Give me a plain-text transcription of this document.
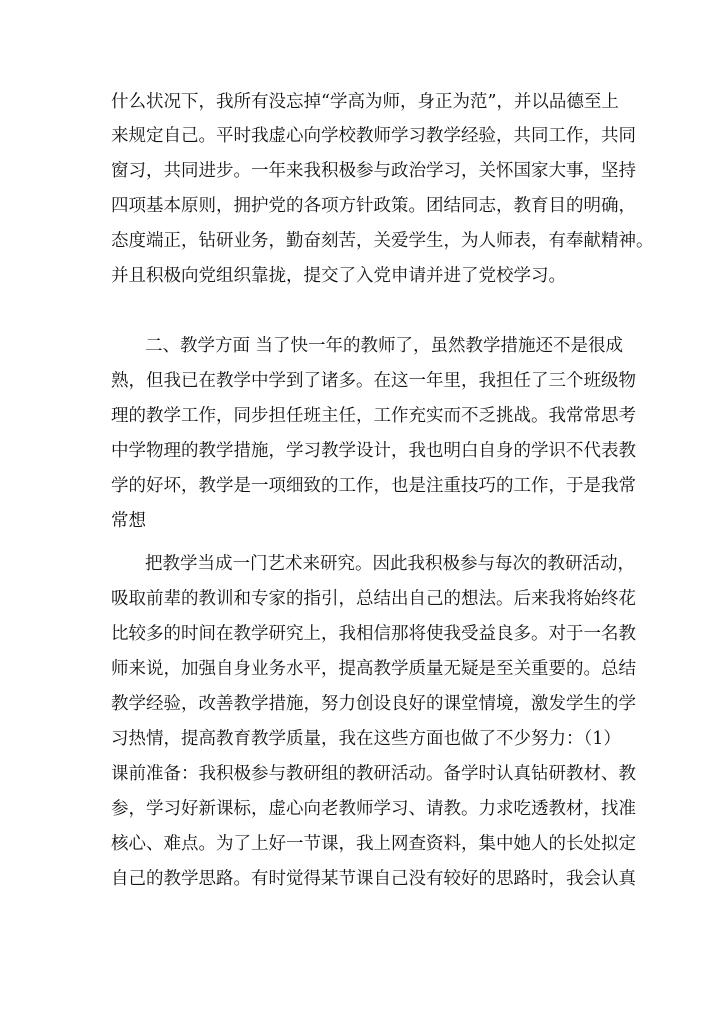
什么状况下，我所有没忘掉“学高为师，身正为范”，并以品德至上
来规定自己。平时我虚心向学校教师学习教学经验，共同工作，共同
窗习，共同进步。一年来我积极参与政治学习，关怀国家大事，坚持
四项基本原则，拥护党的各项方针政策。团结同志，教育目的明确，
态度端正，钻研业务，勤奋刻苦，关爱学生，为人师表，有奉献精神。
并且积极向党组织靠拢，提交了入党申请并进了党校学习。
二、教学方面 当了快一年的教师了，虽然教学措施还不是很成
熟，但我已在教学中学到了诸多。在这一年里，我担任了三个班级物
理的教学工作，同步担任班主任，工作充实而不乏挑战。我常常思考
中学物理的教学措施，学习教学设计，我也明白自身的学识不代表教
学的好坏，教学是一项细致的工作，也是注重技巧的工作，于是我常
常想
把教学当成一门艺术来研究。因此我积极参与每次的教研活动，
吸取前辈的教训和专家的指引，总结出自己的想法。后来我将始终花
比较多的时间在教学研究上，我相信那将使我受益良多。对于一名教
师来说，加强自身业务水平，提高教学质量无疑是至关重要的。总结
教学经验，改善教学措施，努力创设良好的课堂情境，激发学生的学
习热情，提高教育教学质量，我在这些方面也做了不少努力：（1）
课前准备：我积极参与教研组的教研活动。备学时认真钻研教材、教
参，学习好新课标，虚心向老教师学习、请教。力求吃透教材，找准
核心、难点。为了上好一节课，我上网查资料，集中她人的长处拟定
自己的教学思路。有时觉得某节课自己没有较好的思路时，我会认真
